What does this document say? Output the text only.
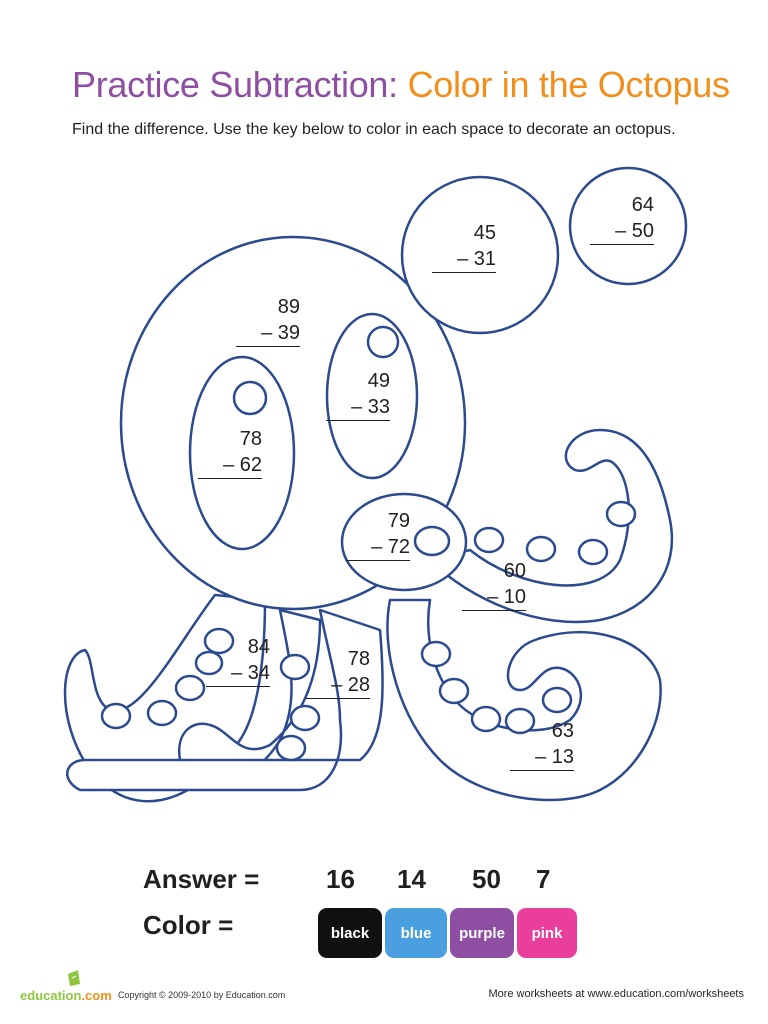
Practice Subtraction: Color in the Octopus

Find the difference. Use the key below to color in each space to decorate an octopus.

64
– 50
45
– 31
89
– 39
49
– 33
78
– 62
79
– 72
60
– 10
84
– 34
78
– 28
63
– 13
Answer =
Color =
16 14 50 7
black	blue	purple	pink
education.com Copyright © 2009-2010 by Education.com	More worksheets at www.education.com/worksheets
